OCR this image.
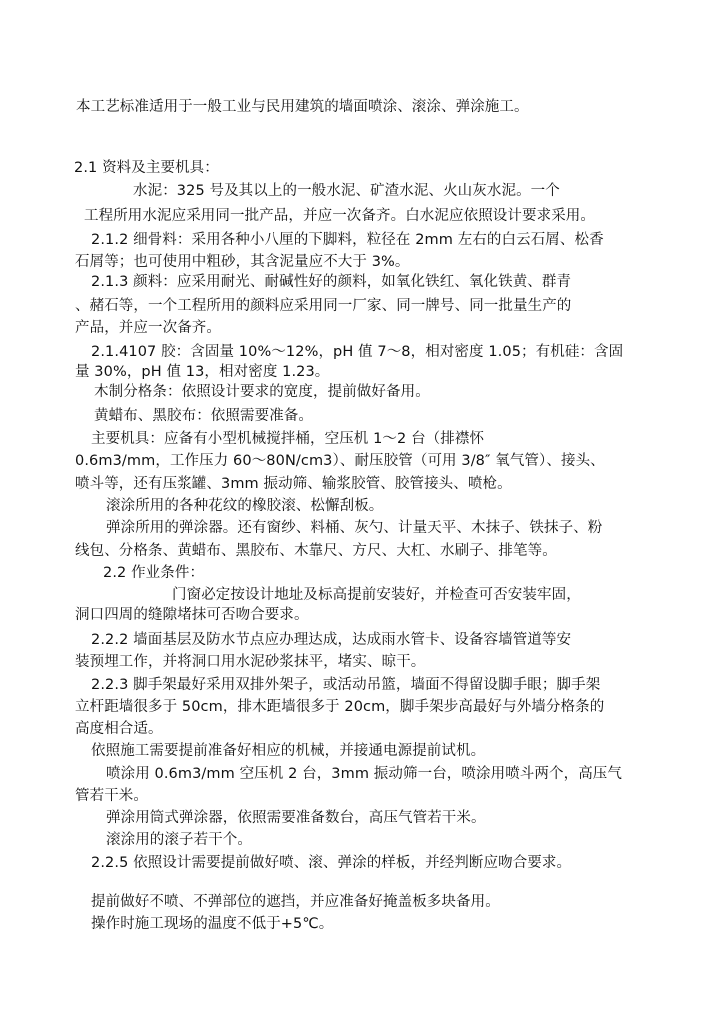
本工艺标准适用于一般工业与民用建筑的墙面喷涂、滚涂、弹涂施工。
2.1 资料及主要机具：
水泥：325 号及其以上的一般水泥、矿渣水泥、火山灰水泥。一个
工程所用水泥应采用同一批产品，并应一次备齐。白水泥应依照设计要求采用。
2.1.2 细骨料：采用各种小八厘的下脚料，粒径在 2mm 左右的白云石屑、松香
石屑等；也可使用中粗砂，其含泥量应不大于 3%。
2.1.3 颜料：应采用耐光、耐碱性好的颜料，如氧化铁红、氧化铁黄、群青
、赭石等，一个工程所用的颜料应采用同一厂家、同一牌号、同一批量生产的
产品，并应一次备齐。
2.1.4107 胶：含固量 10%～12%，pH 值 7～8，相对密度 1.05；有机硅：含固
量 30%，pH 值 13，相对密度 1.23。
木制分格条：依照设计要求的宽度，提前做好备用。
黄蜡布、黑胶布：依照需要准备。
主要机具：应备有小型机械搅拌桶，空压机 1～2 台（排襟怀
0.6m3/mm，工作压力 60～80N/cm3）、耐压胶管（可用 3/8″ 氧气管）、接头、
喷斗等，还有压浆罐、3mm 振动筛、输浆胶管、胶管接头、喷枪。
滚涂所用的各种花纹的橡胶滚、松懈刮板。
弹涂所用的弹涂器。还有窗纱、料桶、灰勺、计量天平、木抹子、铁抹子、粉
线包、分格条、黄蜡布、黑胶布、木靠尺、方尺、大杠、水刷子、排笔等。
2.2 作业条件：
门窗必定按设计地址及标高提前安装好，并检查可否安装牢固，
洞口四周的缝隙堵抹可否吻合要求。
2.2.2 墙面基层及防水节点应办理达成，达成雨水管卡、设备容墙管道等安
装预埋工作，并将洞口用水泥砂浆抹平，堵实、晾干。
2.2.3 脚手架最好采用双排外架子，或活动吊篮，墙面不得留设脚手眼；脚手架
立杆距墙很多于 50cm，排木距墙很多于 20cm，脚手架步高最好与外墙分格条的
高度相合适。
依照施工需要提前准备好相应的机械，并接通电源提前试机。
喷涂用 0.6m3/mm 空压机 2 台，3mm 振动筛一台，喷涂用喷斗两个，高压气
管若干米。
弹涂用筒式弹涂器，依照需要准备数台，高压气管若干米。
滚涂用的滚子若干个。
2.2.5 依照设计需要提前做好喷、滚、弹涂的样板，并经判断应吻合要求。
提前做好不喷、不弹部位的遮挡，并应准备好掩盖板多块备用。
操作时施工现场的温度不低于+5℃。
